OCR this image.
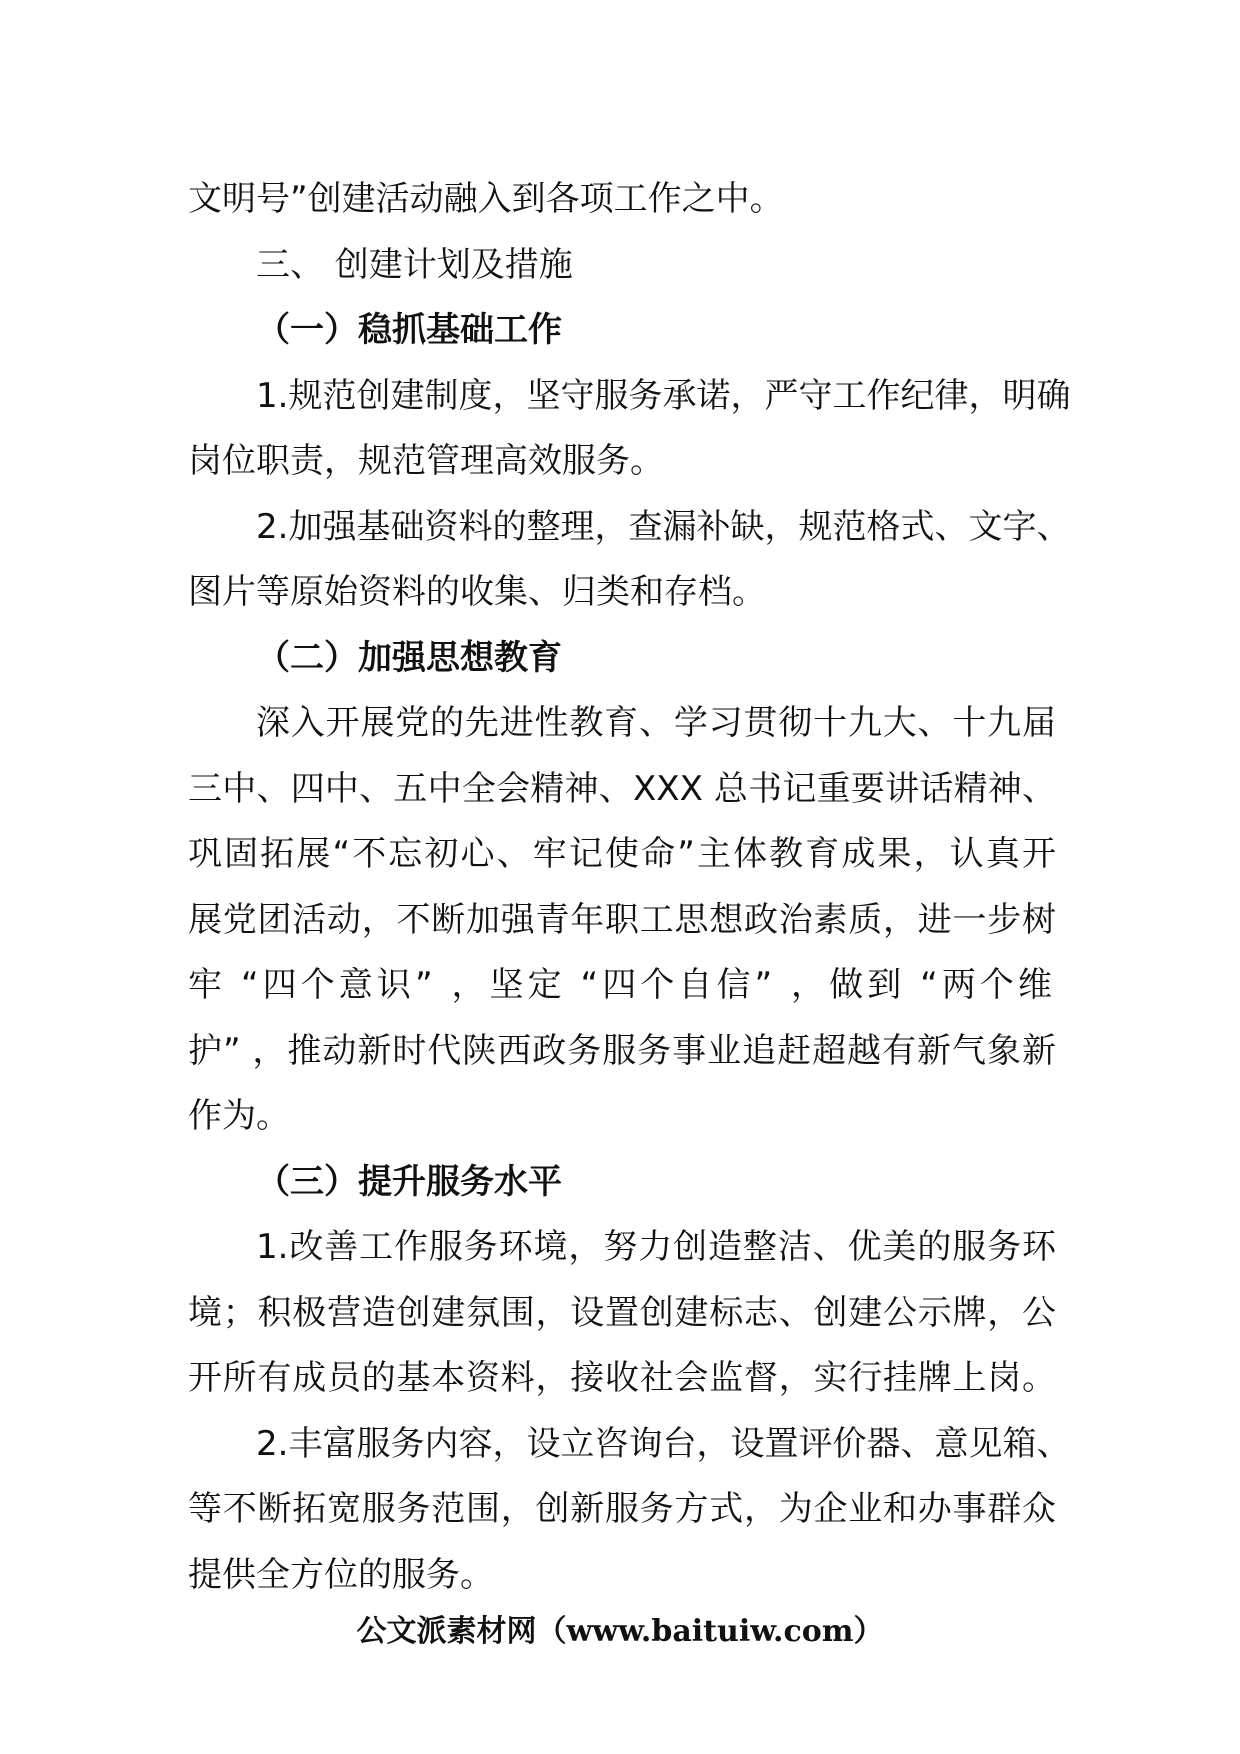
文明号”创建活动融入到各项工作之中。
三、 创建计划及措施
（一）稳抓基础工作
1.规范创建制度，坚守服务承诺，严守工作纪律，明确
岗位职责，规范管理高效服务。
2.加强基础资料的整理，查漏补缺，规范格式、文字、
图片等原始资料的收集、归类和存档。
（二）加强思想教育
深入开展党的先进性教育、学习贯彻十九大、十九届
三中、四中、五中全会精神、XXX 总书记重要讲话精神、
巩固拓展“不忘初心、牢记使命”主体教育成果，认真开
展党团活动，不断加强青年职工思想政治素质，进一步树
牢 “四个意识” ，坚定 “四个自信” ，做到 “两个维
护” ，推动新时代陕西政务服务事业追赶超越有新气象新
作为。
（三）提升服务水平
1.改善工作服务环境，努力创造整洁、优美的服务环
境；积极营造创建氛围，设置创建标志、创建公示牌，公
开所有成员的基本资料，接收社会监督，实行挂牌上岗。
2.丰富服务内容，设立咨询台，设置评价器、意见箱、
等不断拓宽服务范围，创新服务方式，为企业和办事群众
提供全方位的服务。
公文派素材网（www.baituiw.com）
